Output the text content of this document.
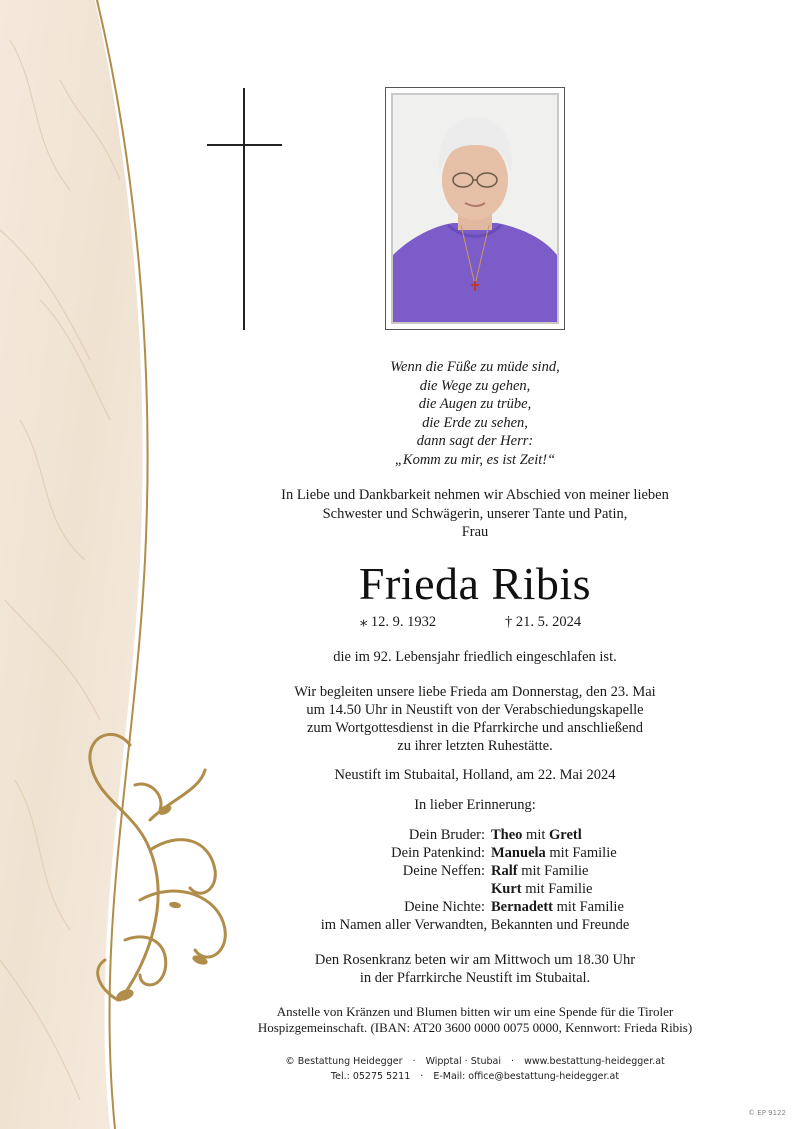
Wenn die Füße zu müde sind,
die Wege zu gehen,
die Augen zu trübe,
die Erde zu sehen,
dann sagt der Herr:
„Komm zu mir, es ist Zeit!“
In Liebe und Dankbarkeit nehmen wir Abschied von meiner lieben
Schwester und Schwägerin, unserer Tante und Patin,
Frau
Frieda Ribis
⁎ 12. 9. 1932	† 21. 5. 2024
die im 92. Lebensjahr friedlich eingeschlafen ist.
Wir begleiten unsere liebe Frieda am Donnerstag, den 23. Mai
um 14.50 Uhr in Neustift von der Verabschiedungskapelle
zum Wortgottesdienst in die Pfarrkirche und anschließend
zu ihrer letzten Ruhestätte.
Neustift im Stubaital, Holland, am 22. Mai 2024
In lieber Erinnerung:
Dein Bruder: Theo mit Gretl
Dein Patenkind: Manuela mit Familie
Deine Neffen: Ralf mit Familie
Kurt mit Familie
Deine Nichte: Bernadett mit Familie
im Namen aller Verwandten, Bekannten und Freunde
Den Rosenkranz beten wir am Mittwoch um 18.30 Uhr
in der Pfarrkirche Neustift im Stubaital.
Anstelle von Kränzen und Blumen bitten wir um eine Spende für die Tiroler
Hospizgemeinschaft. (IBAN: AT20 3600 0000 0075 0000, Kennwort: Frieda Ribis)
© Bestattung Heidegger · Wipptal · Stubai · www.bestattung-heidegger.at
Tel.: 05275 5211 · E-Mail: office@bestattung-heidegger.at
© EP 9122
